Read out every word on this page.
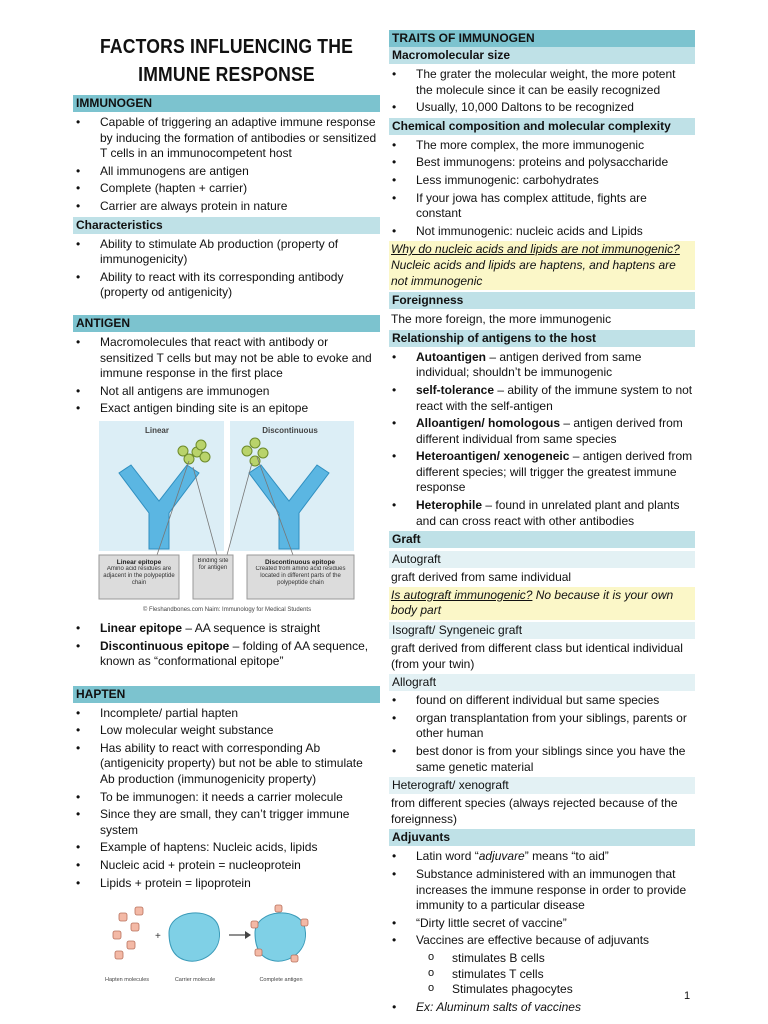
FACTORS INFLUENCING THE
IMMUNE RESPONSE
IMMUNOGEN
• Capable of triggering an adaptive immune response by inducing the formation of antibodies or sensitized T cells in an immunocompetent host
• All immunogens are antigen
• Complete (hapten + carrier)
• Carrier are always protein in nature
Characteristics
• Ability to stimulate Ab production (property of immunogenicity)
• Ability to react with its corresponding antibody (property od antigenicity)
ANTIGEN
• Macromolecules that react with antibody or sensitized T cells but may not be able to evoke and immune response in the first place
• Not all antigens are immunogen
• Exact antigen binding site is an epitope
Linear	Discontinuous
Linear epitope
Amino acid residues are adjacent in the polypeptide chain
Binding site for antigen
Discontinuous epitope
Created from amino acid residues located in different parts of the polypeptide chain
© Fleshandbones.com Naim: Immunology for Medical Students
• Linear epitope – AA sequence is straight
• Discontinuous epitope – folding of AA sequence, known as “conformational epitope”
HAPTEN
• Incomplete/ partial hapten
• Low molecular weight substance
• Has ability to react with corresponding Ab (antigenicity property) but not be able to stimulate Ab production (immunogenicity property)
• To be immunogen: it needs a carrier molecule
• Since they are small, they can’t trigger immune system
• Example of haptens: Nucleic acids, lipids
• Nucleic acid + protein = nucleoprotein
• Lipids + protein = lipoprotein
+
Hapten molecules	Carrier molecule	Complete antigen
TRAITS OF IMMUNOGEN
Macromolecular size
• The grater the molecular weight, the more potent the molecule since it can be easily recognized
• Usually, 10,000 Daltons to be recognized
Chemical composition and molecular complexity
• The more complex, the more immunogenic
• Best immunogens: proteins and polysaccharide
• Less immunogenic: carbohydrates
• If your jowa has complex attitude, fights are constant
• Not immunogenic: nucleic acids and Lipids
Why do nucleic acids and lipids are not immunogenic?
Nucleic acids and lipids are haptens, and haptens are not immunogenic
Foreignness
The more foreign, the more immunogenic
Relationship of antigens to the host
• Autoantigen – antigen derived from same individual; shouldn’t be immunogenic
• self-tolerance – ability of the immune system to not react with the self-antigen
• Alloantigen/ homologous – antigen derived from different individual from same species
• Heteroantigen/ xenogeneic – antigen derived from different species; will trigger the greatest immune response
• Heterophile – found in unrelated plant and plants and can cross react with other antibodies
Graft
Autograft
graft derived from same individual
Is autograft immunogenic? No because it is your own body part
Isograft/ Syngeneic graft
graft derived from different class but identical individual (from your twin)
Allograft
• found on different individual but same species
• organ transplantation from your siblings, parents or other human
• best donor is from your siblings since you have the same genetic material
Heterograft/ xenograft
from different species (always rejected because of the foreignness)
Adjuvants
• Latin word “adjuvare” means “to aid”
• Substance administered with an immunogen that increases the immune response in order to provide immunity to a particular disease
• “Dirty little secret of vaccine”
• Vaccines are effective because of adjuvants
o stimulates B cells
o stimulates T cells
o Stimulates phagocytes
• Ex: Aluminum salts of vaccines
1
